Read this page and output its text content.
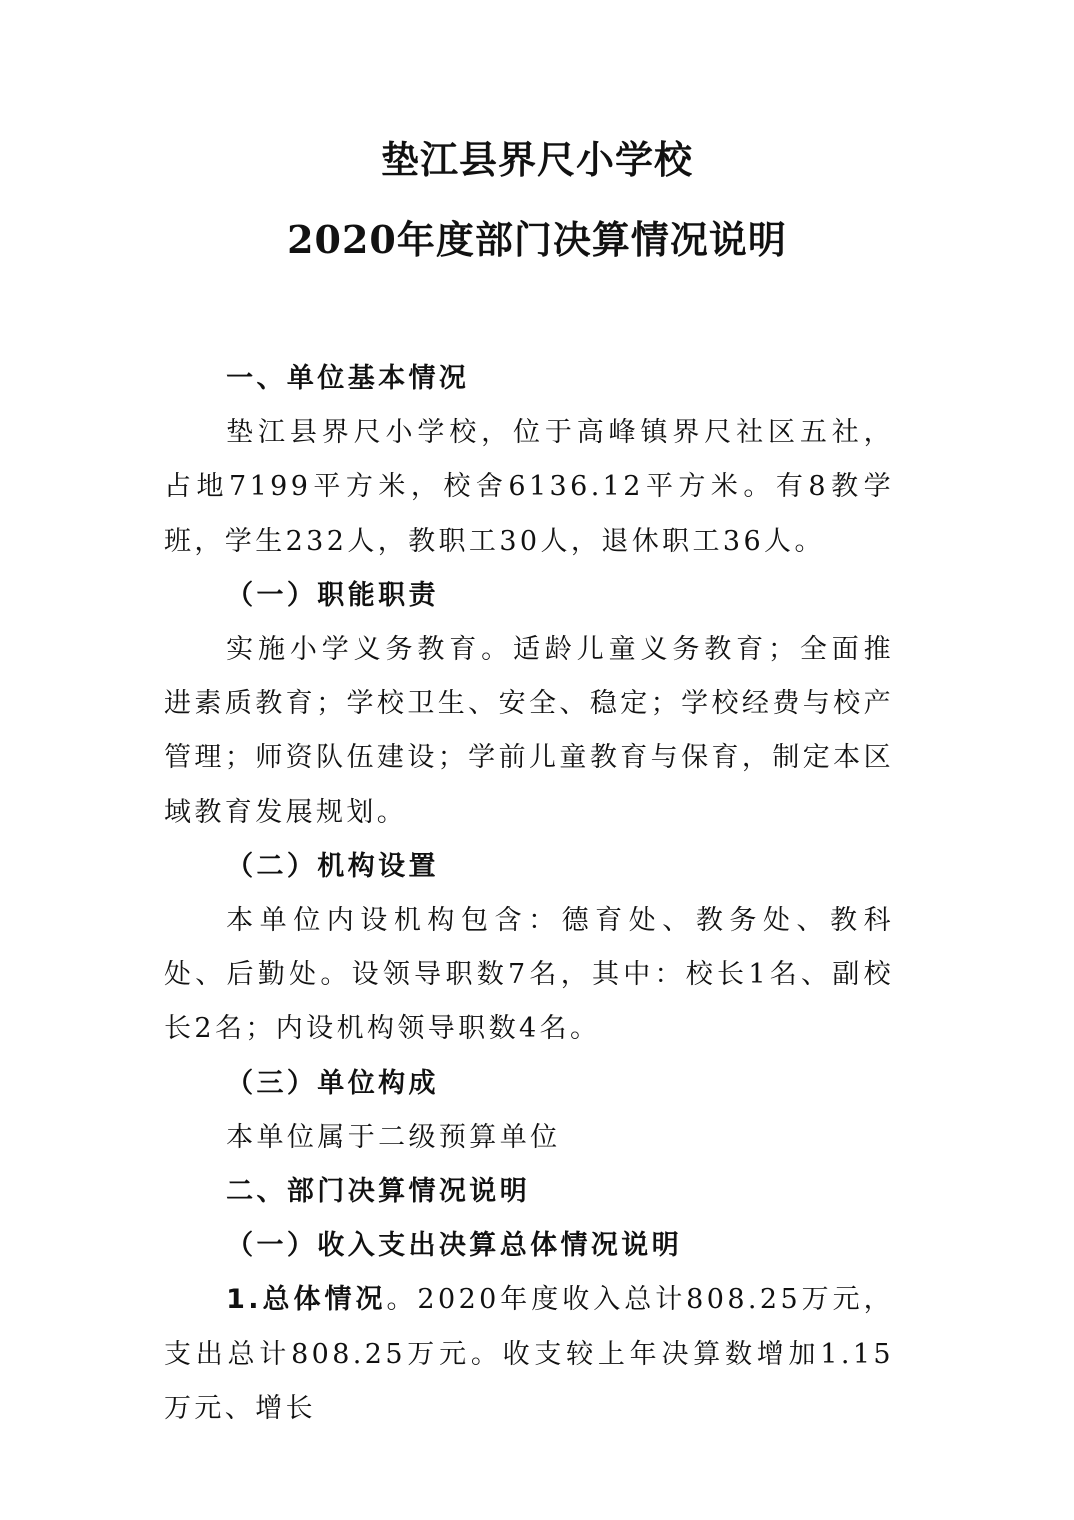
垫江县界尺小学校
2020年度部门决算情况说明

一、单位基本情况

垫江县界尺小学校，位于高峰镇界尺社区五社，占地7199平方米，校舍6136.12平方米。有8教学班，学生232人，教职工30人，退休职工36人。

（一）职能职责

实施小学义务教育。适龄儿童义务教育；全面推进素质教育；学校卫生、安全、稳定；学校经费与校产管理；师资队伍建设；学前儿童教育与保育，制定本区域教育发展规划。

（二）机构设置

本单位内设机构包含：德育处、教务处、教科处、后勤处。设领导职数7名，其中：校长1名、副校长2名；内设机构领导职数4名。

（三）单位构成

本单位属于二级预算单位

二、部门决算情况说明

（一）收入支出决算总体情况说明

1.总体情况。2020年度收入总计808.25万元，支出总计808.25万元。收支较上年决算数增加1.15万元、增长
